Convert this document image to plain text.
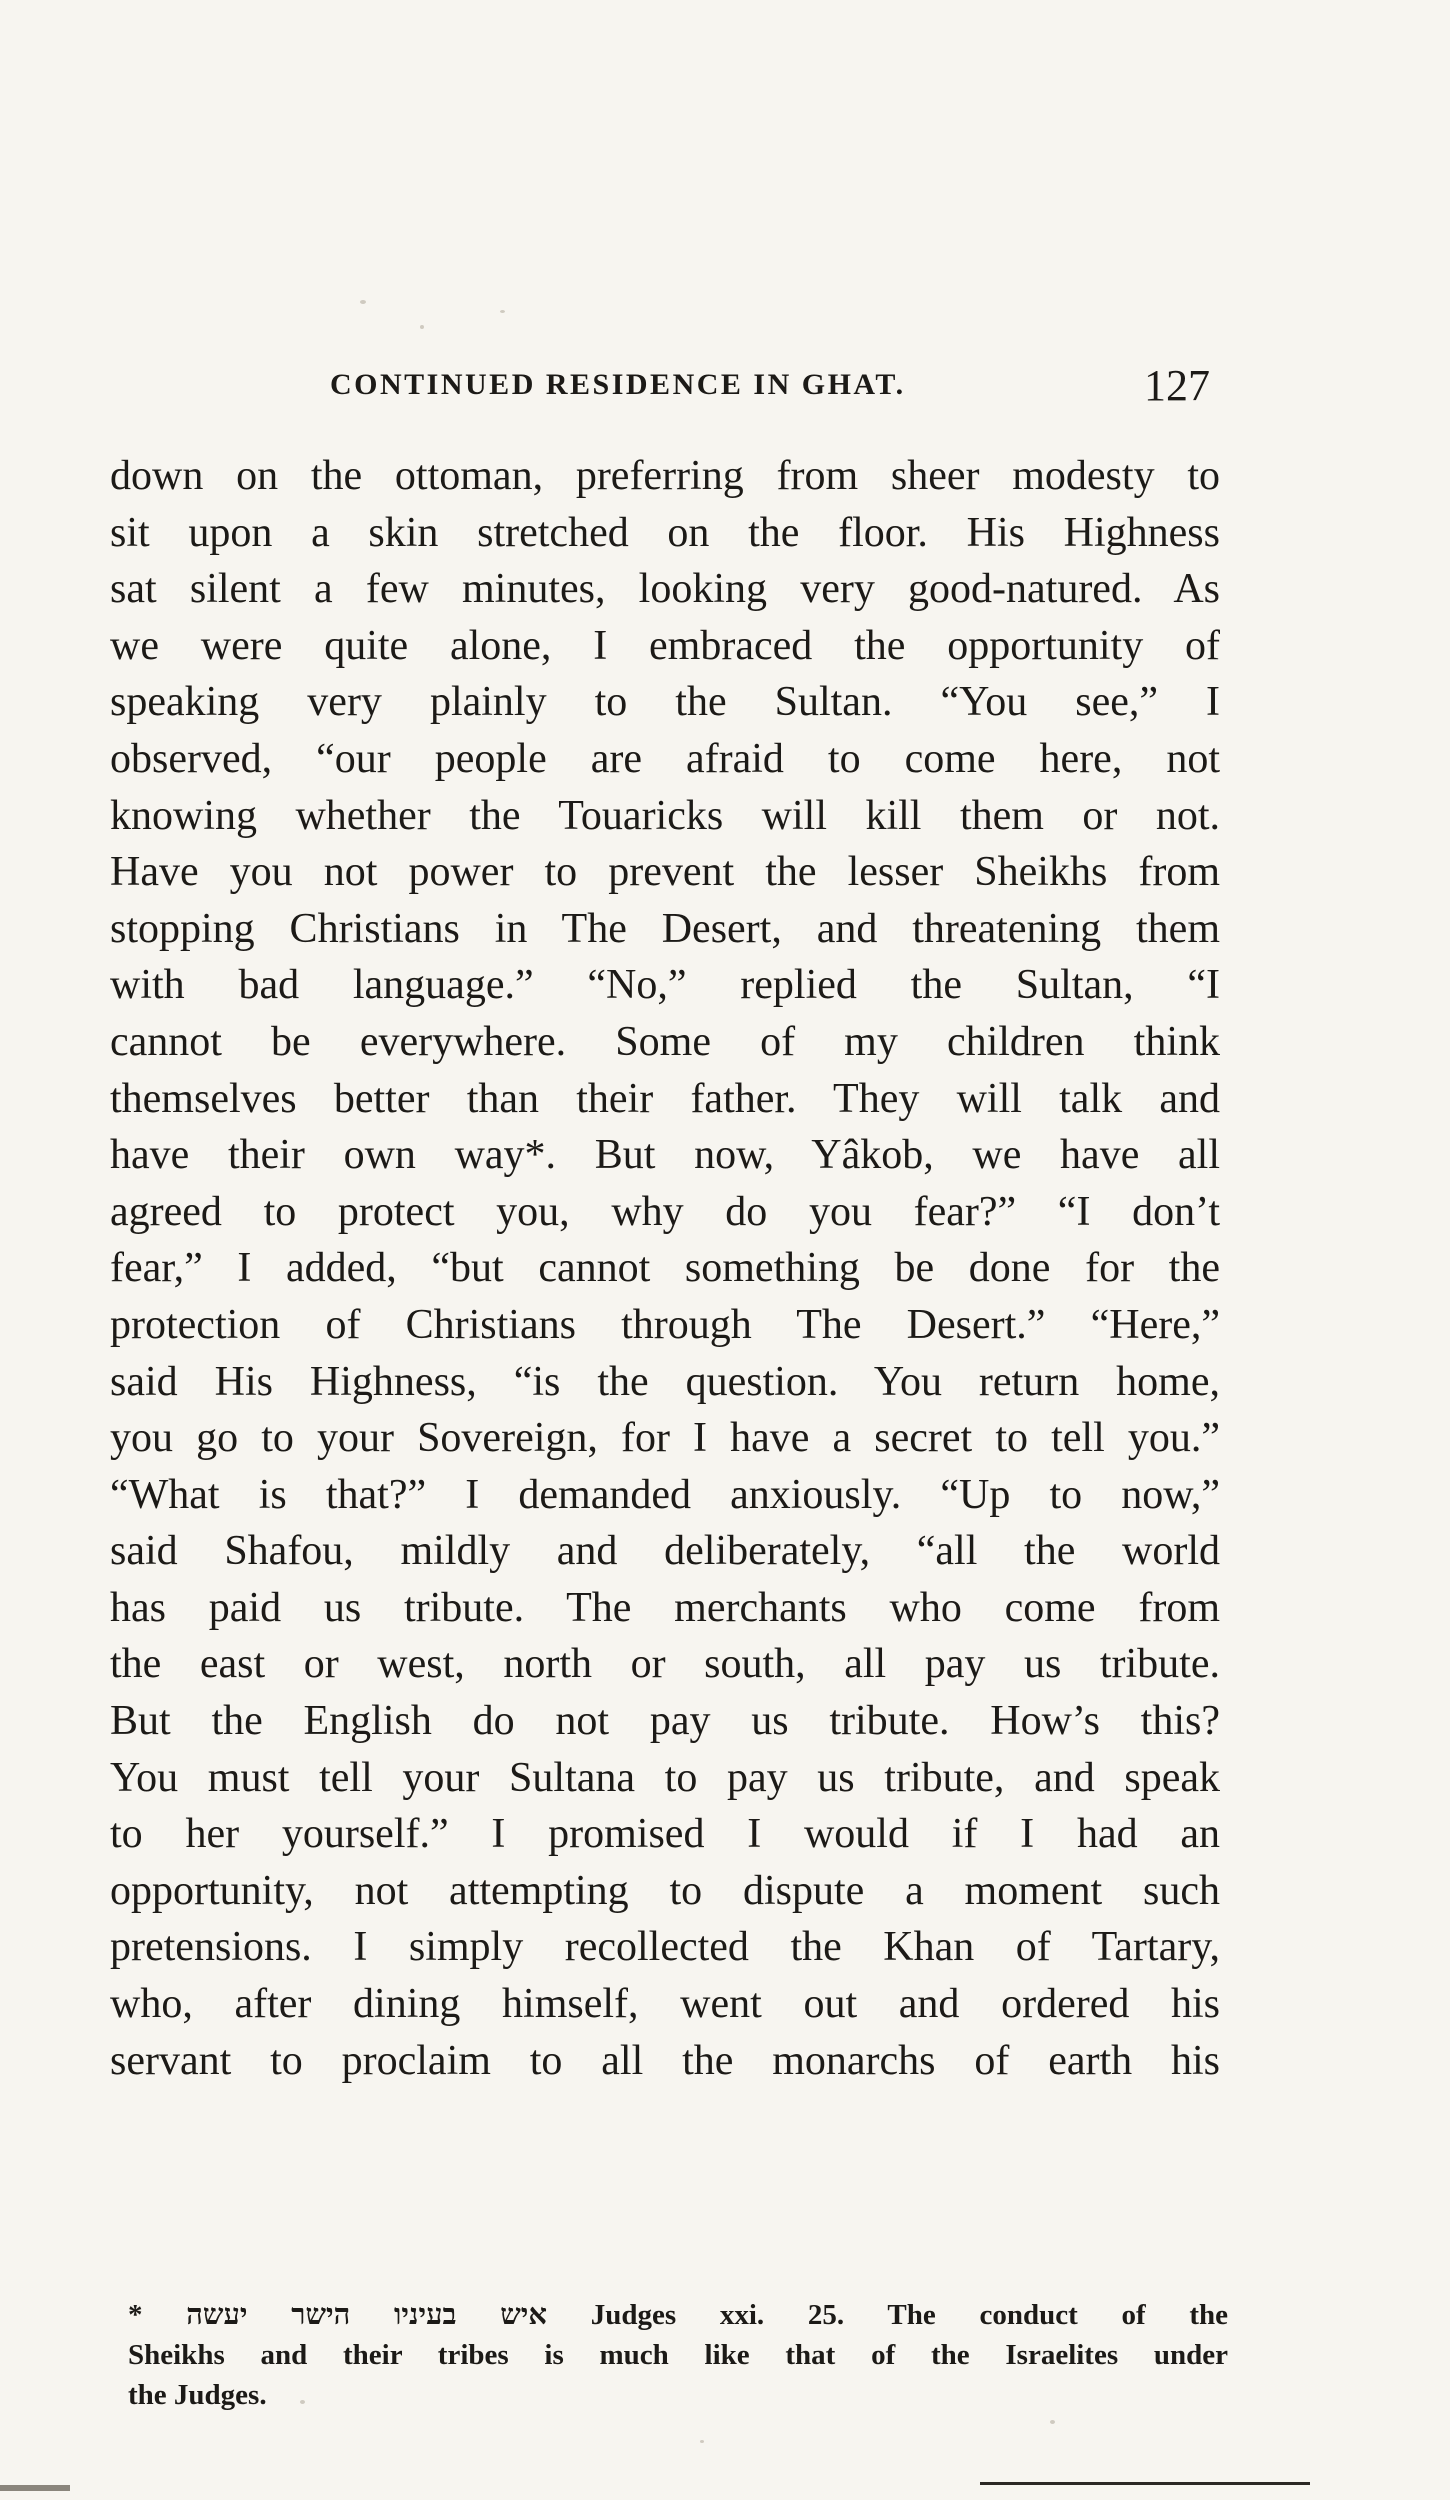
CONTINUED RESIDENCE IN GHAT.	127
down on the ottoman, preferring from sheer modesty to
sit upon a skin stretched on the floor. His Highness
sat silent a few minutes, looking very good-natured. As
we were quite alone, I embraced the opportunity of
speaking very plainly to the Sultan. “You see,” I
observed, “our people are afraid to come here, not
knowing whether the Touaricks will kill them or not.
Have you not power to prevent the lesser Sheikhs from
stopping Christians in The Desert, and threatening them
with bad language.” “No,” replied the Sultan, “I
cannot be everywhere. Some of my children think
themselves better than their father. They will talk and
have their own way*. But now, Yâkob, we have all
agreed to protect you, why do you fear?” “I don’t
fear,” I added, “but cannot something be done for the
protection of Christians through The Desert.” “Here,”
said His Highness, “is the question. You return home,
you go to your Sovereign, for I have a secret to tell you.”
“What is that?” I demanded anxiously. “Up to now,”
said Shafou, mildly and deliberately, “all the world
has paid us tribute. The merchants who come from
the east or west, north or south, all pay us tribute.
But the English do not pay us tribute. How’s this?
You must tell your Sultana to pay us tribute, and speak
to her yourself.” I promised I would if I had an
opportunity, not attempting to dispute a moment such
pretensions. I simply recollected the Khan of Tartary,
who, after dining himself, went out and ordered his
servant to proclaim to all the monarchs of earth his
* איש בעיניו הישר יעשה Judges xxi. 25. The conduct of the
Sheikhs and their tribes is much like that of the Israelites under
the Judges.
